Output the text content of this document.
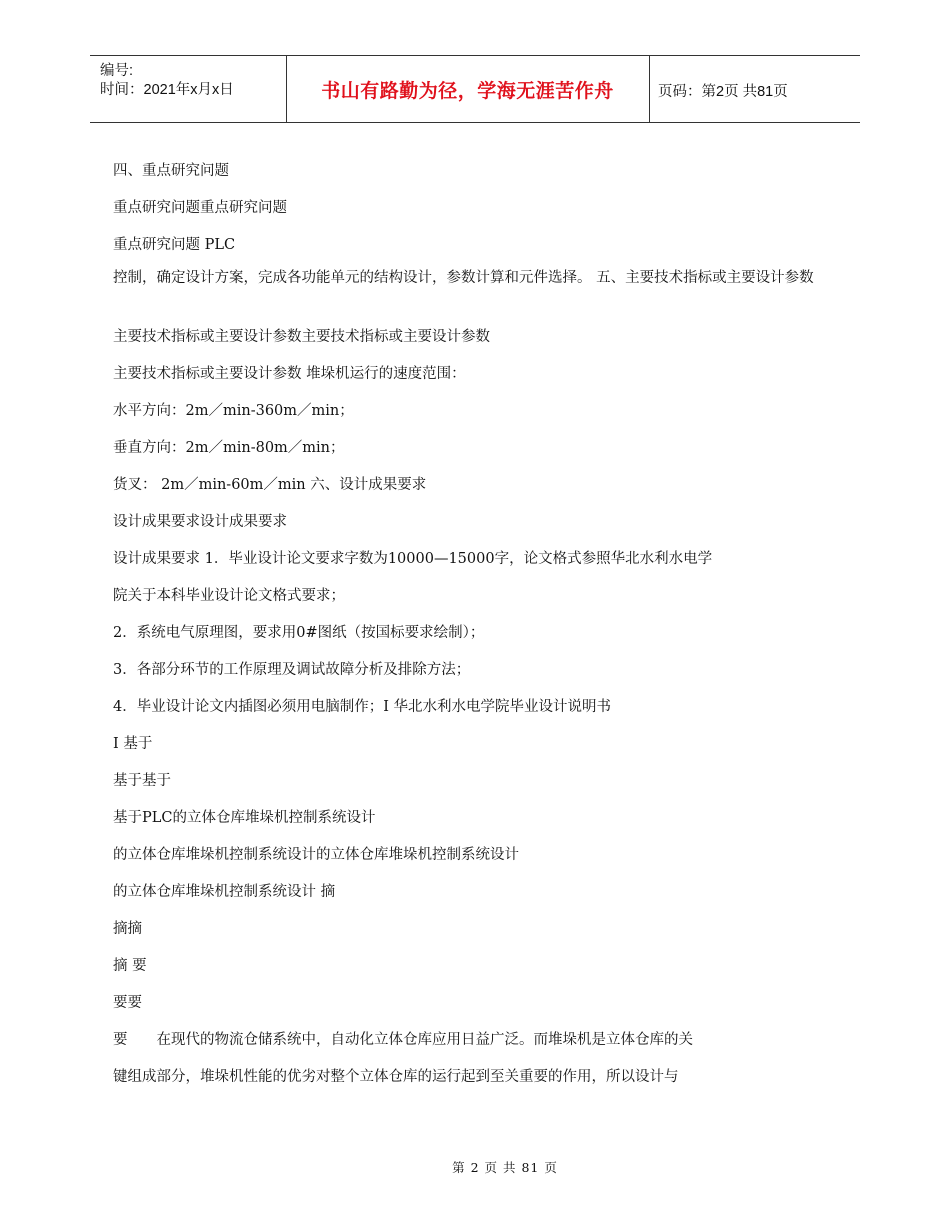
编号:
时间：2021年x月x日	书山有路勤为径，学海无涯苦作舟	页码：第2页 共81页
四、重点研究问题
重点研究问题重点研究问题
重点研究问题 PLC
控制，确定设计方案，完成各功能单元的结构设计，参数计算和元件选择。 五、主要技术指标或主要设计参数
主要技术指标或主要设计参数主要技术指标或主要设计参数
主要技术指标或主要设计参数 堆垛机运行的速度范围：
水平方向：2m／min-360m／min；
垂直方向：2m／min-80m／min；
货叉： 2m／min-60m／min 六、设计成果要求
设计成果要求设计成果要求
设计成果要求 1．毕业设计论文要求字数为10000—15000字，论文格式参照华北水利水电学
院关于本科毕业设计论文格式要求；
2．系统电气原理图，要求用0#图纸（按国标要求绘制）；
3．各部分环节的工作原理及调试故障分析及排除方法；
4．毕业设计论文内插图必须用电脑制作；I 华北水利水电学院毕业设计说明书
I 基于
基于基于
基于PLC的立体仓库堆垛机控制系统设计
的立体仓库堆垛机控制系统设计的立体仓库堆垛机控制系统设计
的立体仓库堆垛机控制系统设计 摘
摘摘
摘 要
要要
要　　在现代的物流仓储系统中，自动化立体仓库应用日益广泛。而堆垛机是立体仓库的关
键组成部分，堆垛机性能的优劣对整个立体仓库的运行起到至关重要的作用，所以设计与
第 2 页 共 81 页
